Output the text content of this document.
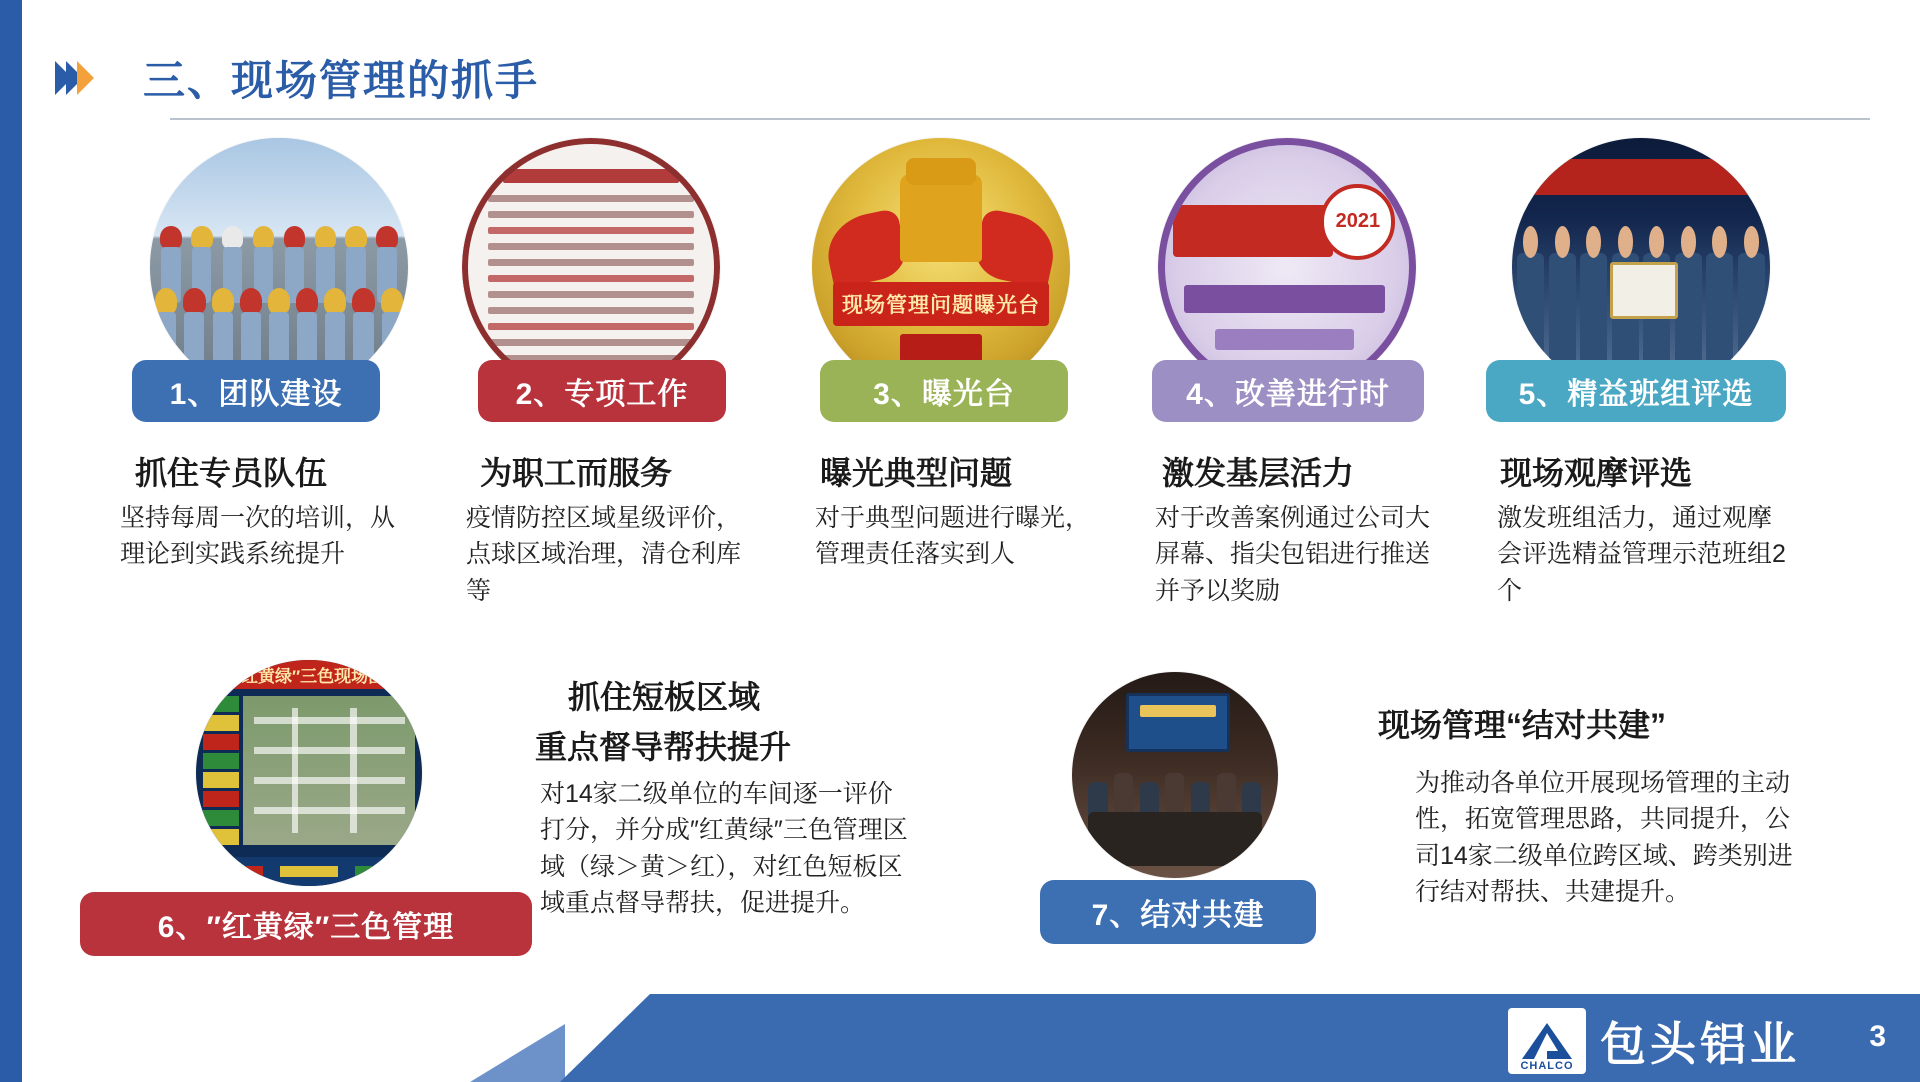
三、现场管理的抓手
1、团队建设
抓住专员队伍
坚持每周一次的培训，从理论到实践系统提升
2、专项工作
为职工而服务
疫情防控区域星级评价，点球区域治理，清仓利库等
现场管理问题曝光台
3、曝光台
曝光典型问题
对于典型问题进行曝光，管理责任落实到人
2021
4、改善进行时
激发基层活力
对于改善案例通过公司大屏幕、指尖包铝进行推送并予以奖励
5、精益班组评选
现场观摩评选
激发班组活力，通过观摩会评选精益管理示范班组2个
″红黄绿″三色现场图
6、″红黄绿″三色管理
抓住短板区域
重点督导帮扶提升
对14家二级单位的车间逐一评价打分，并分成″红黄绿″三色管理区域（绿＞黄＞红），对红色短板区域重点督导帮扶，促进提升。	7、结对共建
现场管理“结对共建”
为推动各单位开展现场管理的主动性，拓宽管理思路，共同提升，公司14家二级单位跨区域、跨类别进行结对帮扶、共建提升。
CHALCO 包头铝业 3
